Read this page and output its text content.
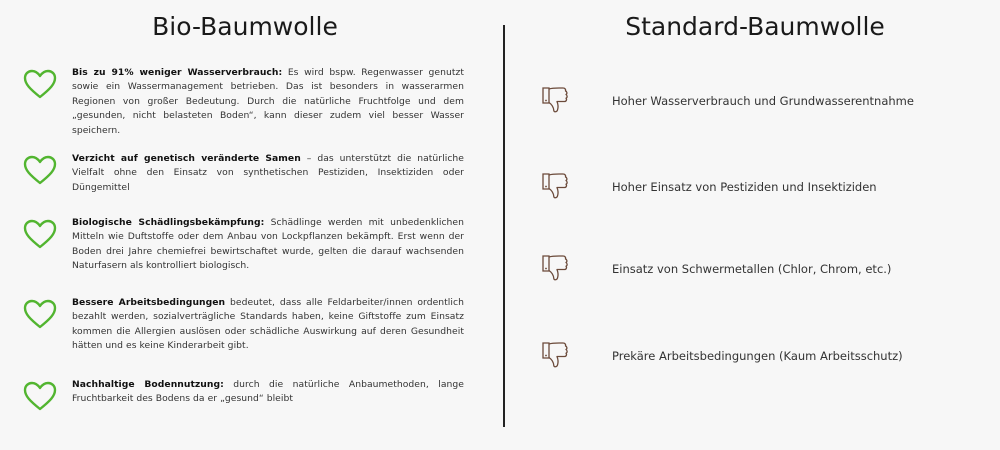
Bio-Baumwolle	Standard-Baumwolle
Bis zu 91% weniger Wasserverbrauch: Es wird bspw. Regenwasser genutzt sowie ein Wassermanagement betrieben. Das ist besonders in wasserarmen Regionen von großer Bedeutung. Durch die natürliche Fruchtfolge und dem „gesunden, nicht belasteten Boden“, kann dieser zudem viel besser Wasser speichern.
Verzicht auf genetisch veränderte Samen – das unterstützt die natürliche Vielfalt ohne den Einsatz von synthetischen Pestiziden, Insektiziden oder Düngemittel
Biologische Schädlingsbekämpfung: Schädlinge werden mit unbedenklichen Mitteln wie Duftstoffe oder dem Anbau von Lockpflanzen bekämpft. Erst wenn der Boden drei Jahre chemiefrei bewirtschaftet wurde, gelten die darauf wachsenden Naturfasern als kontrolliert biologisch.
Bessere Arbeitsbedingungen bedeutet, dass alle Feldarbeiter/innen ordentlich bezahlt werden, sozialverträgliche Standards haben, keine Giftstoffe zum Einsatz kommen die Allergien auslösen oder schädliche Auswirkung auf deren Gesundheit hätten und es keine Kinderarbeit gibt.
Nachhaltige Bodennutzung: durch die natürliche Anbaumethoden, lange Fruchtbarkeit des Bodens da er „gesund“ bleibt
Hoher Wasserverbrauch und Grundwasserentnahme
Hoher Einsatz von Pestiziden und Insektiziden
Einsatz von Schwermetallen (Chlor, Chrom, etc.)
Prekäre Arbeitsbedingungen (Kaum Arbeitsschutz)
